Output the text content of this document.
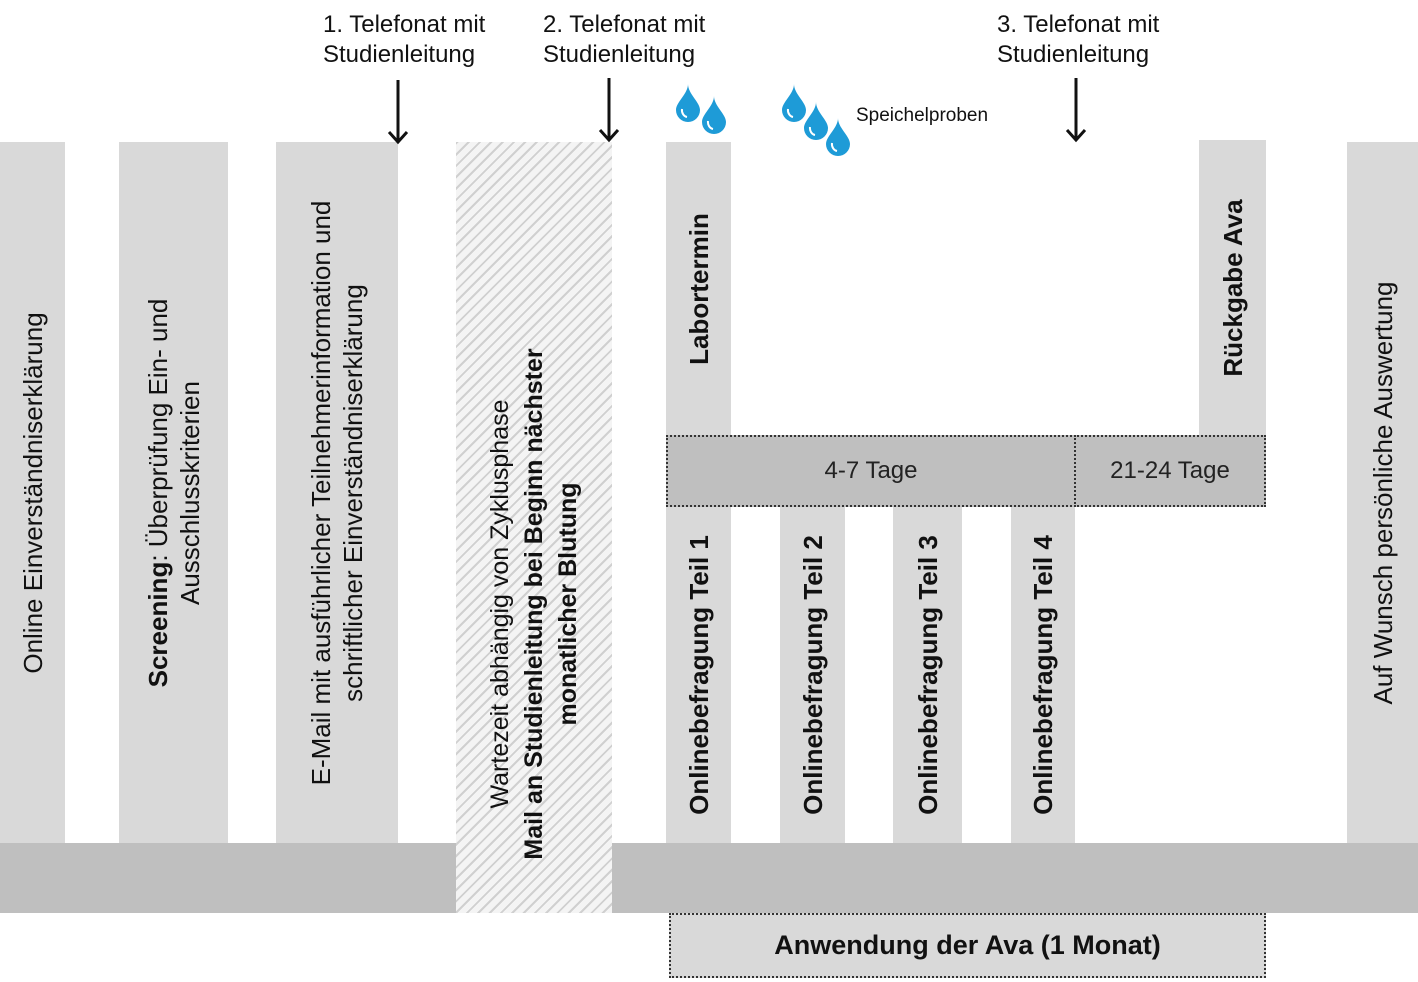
Online Einverständniserklärung	Screening: Überprüfung Ein- und
Ausschlusskriterien	E-Mail mit ausführlicher Teilnehmerinformation und
schriftlicher Einverständniserklärung	Wartezeit abhängig von Zyklusphase Mail an Studienleitung bei Beginn nächster monatlicher Blutung
Labortermin	Rückgabe Ava
4-7 Tage	21-24 Tage
Onlinebefragung Teil 1	Onlinebefragung Teil 2	Onlinebefragung Teil 3	Onlinebefragung Teil 4	Auf Wunsch persönliche Auswertung
Anwendung der Ava (1 Monat)
1. Telefonat mit
Studienleitung
2. Telefonat mit
Studienleitung
3. Telefonat mit
Studienleitung
Speichelproben
